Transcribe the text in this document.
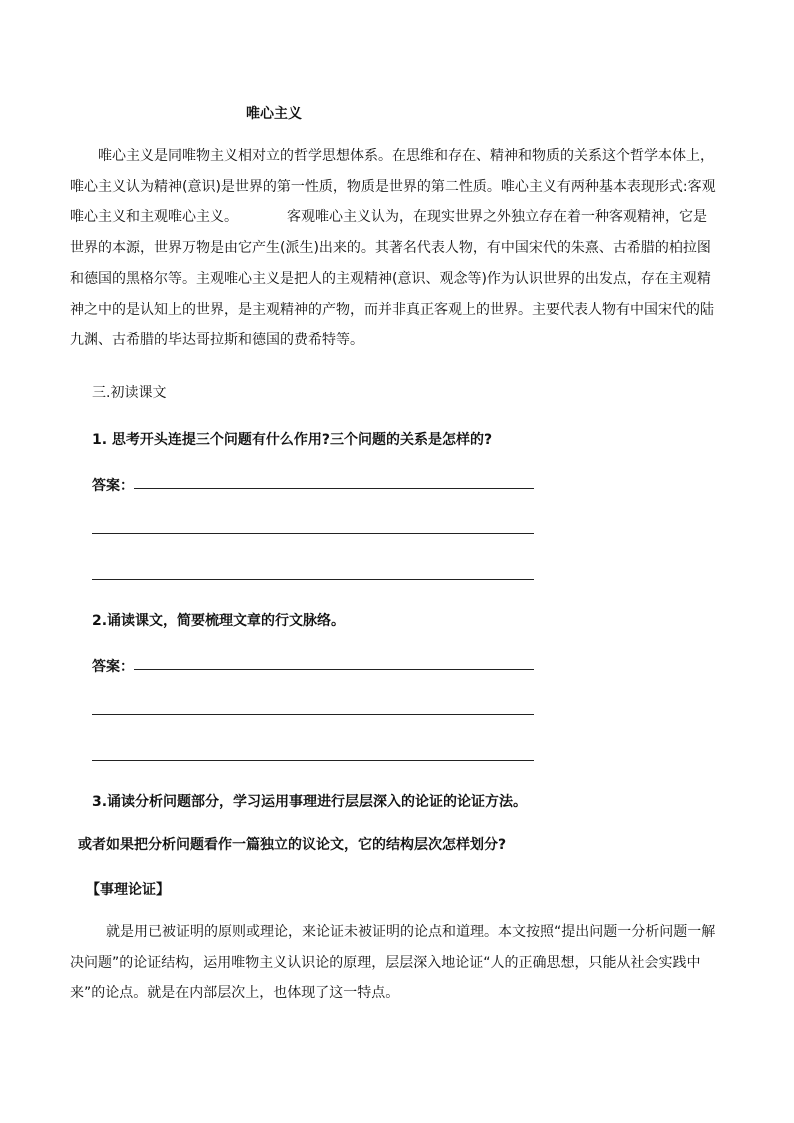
唯心主义
唯心主义是同唯物主义相对立的哲学思想体系。在思维和存在、精神和物质的关系这个哲学本体上，
唯心主义认为精神(意识)是世界的第一性质，物质是世界的第二性质。唯心主义有两种基本表现形式:客观
唯心主义和主观唯心主义。           客观唯心主义认为，在现实世界之外独立存在着一种客观精神，它是
世界的本源，世界万物是由它产生(派生)出来的。其著名代表人物，有中国宋代的朱熹、古希腊的柏拉图
和德国的黑格尔等。主观唯心主义是把人的主观精神(意识、观念等)作为认识世界的出发点，存在主观精
神之中的是认知上的世界，是主观精神的产物，而并非真正客观上的世界。主要代表人物有中国宋代的陆
九渊、古希腊的毕达哥拉斯和德国的费希特等。
三.初读课文
1. 思考开头连提三个问题有什么作用?三个问题的关系是怎样的?
答案：
2.诵读课文，简要梳理文章的行文脉络。
答案：
3.诵读分析问题部分，学习运用事理进行层层深入的论证的论证方法。
或者如果把分析问题看作一篇独立的议论文，它的结构层次怎样划分?
【事理论证】
就是用已被证明的原则或理论，来论证未被证明的论点和道理。本文按照“提出问题一分析问题一解
决问题”的论证结构，运用唯物主义认识论的原理，层层深入地论证“人的正确思想，只能从社会实践中
来”的论点。就是在内部层次上，也体现了这一特点。
